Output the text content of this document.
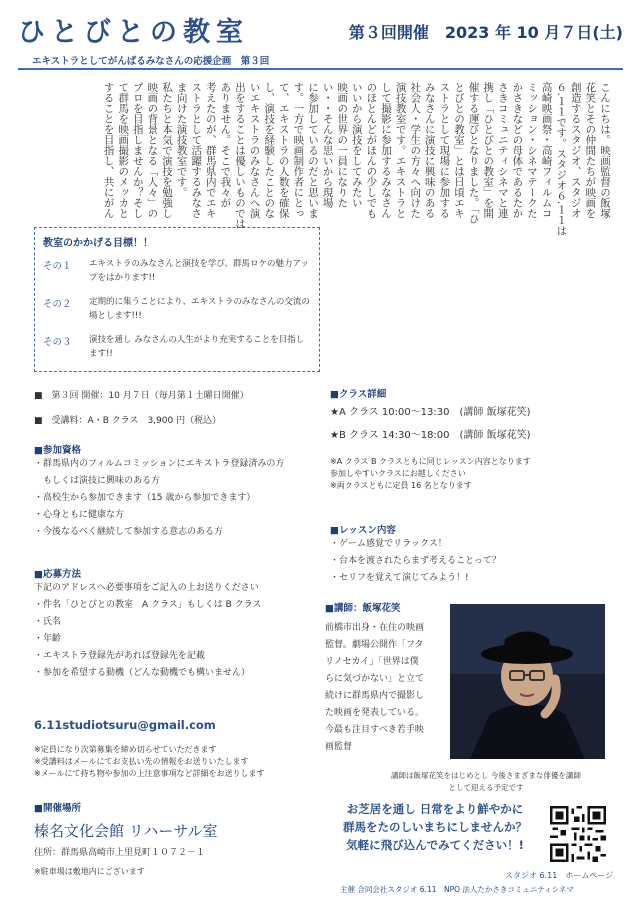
ひとびとの教室	第３回開催　2023 年 10 月７日(土)
エキストラとしてがんばるみなさんの応援企画　第３回
こんにちは。映画監督の飯塚
花笑とその仲間たちが映画を
創造するスタジオ、スタジオ
６.１１です。スタジオ６.１１は
高崎映画祭・高崎フィルムコ
ミッション・シネマテークた
かさきなどの母体であるたか
さきコミュニティシネマと連
携し「ひとびとの教室」を開
催する運びとなりました。「ひ
とびとの教室」とは日頃エキ
ストラとして現場に参加する
みなさんに演技に興味のある
社会人・学生の方々へ向けた
演技教室です。エキストラと
して撮影に参加するみなさん
のほとんどがほんの少しでも
いいから演技をしてみたい
映画の世界の一員になりた
い・・そんな思いから現場
に参加しているのだと思いま
す。一方で映画制作者にとっ
て、エキストラの人数を確保
し、演技を経験したことのな
いエキストラのみなさんへ演
出をすることは優しいものでは
ありません。そこで我々が
考えたのが、群馬県内でエキ
ストラとして活躍するみなさ
ま向けた演技教室です。
私たちと本気で演技を勉強し
映画の背景となる「人々」の
プロを目指しませんか？そし
て群馬を映画撮影のメッカと
することを目指し、共にがん
教室のかかげる目標！！
その１	エキストラのみなさんと演技を学び、群馬ロケの魅力アップをはかります!!
その２	定期的に集うことにより、エキストラのみなさんの交流の場とします!!!
その３	演技を通し みなさんの人生がより充実することを目指します!!
■　 第３回 開催：10 月７日（毎月第１土曜日開催）
■　 受講料：A・B クラス　3,900 円（税込）
■参加資格
・群馬県内のフィルムコミッションにエキストラ登録済みの方
　もしくは演技に興味のある方
・高校生から参加できます（15 歳から参加できます）
・心身ともに健康な方
・今後なるべく継続して参加する意志のある方
■応募方法
下記のアドレスへ必要事項をご記入の上お送りください
・件名「ひとびとの教室　A クラス」もしくは B クラス
・氏名
・年齢
・エキストラ登録先があれば登録先を記載
・参加を希望する動機（どんな動機でも構いません）
6.11studiotsuru@gmail.com
※定員になり次第募集を締め切らせていただきます
※受講料はメールにてお支払い先の情報をお送りいたします
※メールにて持ち物や参加の上注意事項など詳細をお送りします
■開催場所
榛名文化会館 リハーサル室
住所：群馬県高崎市上里見町１０７２－１
※駐車場は敷地内にございます
■クラス詳細
★A クラス 10:00～13:30　(講師 飯塚花笑)
★B クラス 14:30～18:00　(講師 飯塚花笑)
※A クラス B クラスともに同じレッスン内容となります
参加しやすいクラスにお越しください
※両クラスともに定員 16 名となります
■レッスン内容
・ゲーム感覚でリラックス！
・台本を渡されたらまず考えることって？
・セリフを覚えて演じてみよう！!
■講師：飯塚花笑
前橋市出身・在住の映画
監督。劇場公開作「フタ
リノセカイ」「世界は僕
らに気づかない」と立て
続けに群馬県内で撮影し
た映画を発表している。
今最も注目すべき若手映
画監督
講師は飯塚花笑をはじめとし 今後さまざまな俳優を講師
として迎える予定です
お芝居を通し 日常をより鮮やかに
群馬をたのしいまちにしませんか？
気軽に飛び込んでみてください！!
スタジオ 6.11　ホームページ
主催 合同会社スタジオ 6.11　NPO 法人たかさきコミュニティシネマ
